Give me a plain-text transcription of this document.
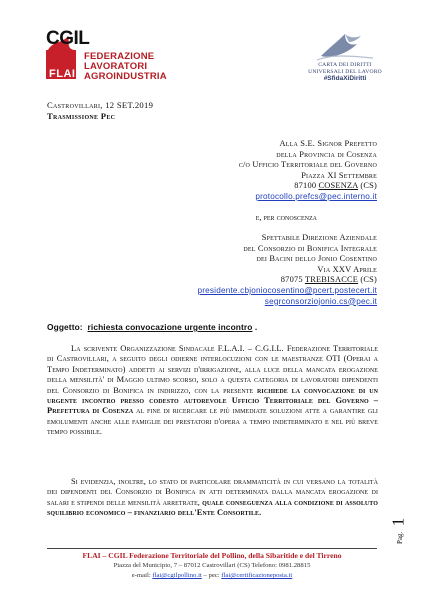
CGIL
FLAI
FEDERAZIONE
LAVORATORI
AGROINDUSTRIA
CARTA DEI DIRITTI
UNIVERSALI DEL LAVORO
#SfidaXiDiritti
Castrovillari, 12 SET.2019
Trasmissione Pec
Alla S.E. Signor Prefetto
della Provincia di Cosenza
c/o Ufficio Territoriale del Governo
Piazza XI Settembre
87100 COSENZA (CS)
protocollo.prefcs@pec.interno.it
e, per conoscenza
Spettabile Direzione Aziendale
del Consorzio di Bonifica Integrale
dei Bacini dello Jonio Cosentino
Via XXV Aprile
87075 TREBISACCE (CS)
presidente.cbjoniocosentino@pcert.postecert.it
segrconsorziojonio.cs@pec.it
Oggetto: richiesta convocazione urgente incontro .
La scrivente Organizzazione Sindacale F.L.A.I. – C.G.I.L. Federazione Territoriale di Castrovillari, a seguito degli odierne interlocuzioni con le maestranze OTI (Operai a Tempo Indeterminato) addetti ai servizi d'irrigazione, alla luce della mancata erogazione della mensilità' di Maggio ultimo scorso, solo a questa categoria di lavoratori dipendenti del Consorzio di Bonifica in indirizzo, con la presente richiede la convocazione di un urgente incontro presso codesto autorevole Ufficio Territoriale del Governo – Prefettura di Cosenza al fine di ricercare le più immediate soluzioni atte a garantire gli emolumenti anche alle famiglie dei prestatori d'opera a tempo indeterminato e nel più breve tempo possibile.
Si evidenzia, inoltre, lo stato di particolare drammaticità in cui versano la totalità dei dipendenti del Consorzio di Bonifica in atti determinata dalla mancata erogazione di salari e stipendi delle mensilità arretrate, quale conseguenza alla condizione di assoluto squilibrio economico – finanziario dell'Ente Consortile.
Pag.
1
FLAI – CGIL Federazione Territoriale del Pollino, della Sibaritide e del Tirreno
Piazza del Municipio, 7 – 87012 Castrovillari (CS) Telefono: 0981.28815
e-mail: flai@cgilpollino.it – pec: flai@certificazioneposta.it
